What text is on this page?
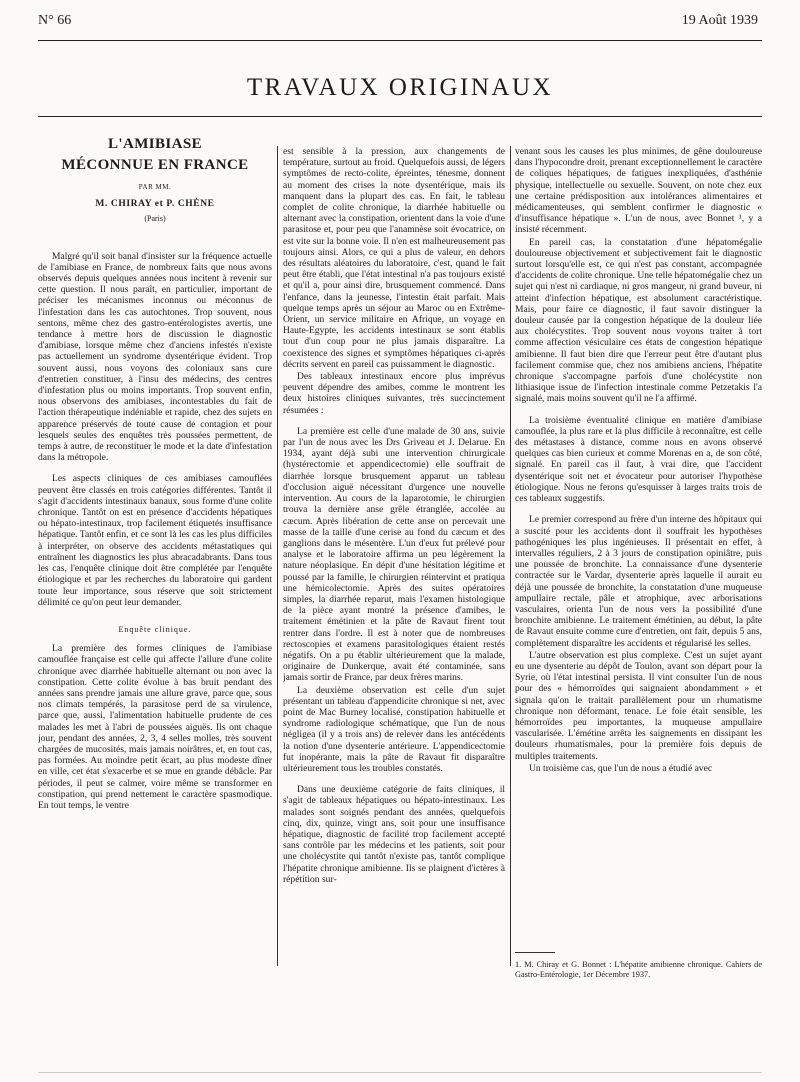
N° 66	19 Août 1939
TRAVAUX ORIGINAUX
L'AMIBIASE
MÉCONNUE EN FRANCE
PAR MM.
M. CHIRAY et P. CHÈNE
(Paris)

Malgré qu'il soit banal d'insister sur la fréquence actuelle de l'amibiase en France, de nombreux faits que nous avons observés depuis quelques années nous incitent à revenir sur cette question. Il nous paraît, en particulier, important de préciser les mécanismes inconnus ou méconnus de l'infestation dans les cas autochtones. Trop souvent, nous sentons, même chez des gastro-entérologistes avertis, une tendance à mettre hors de discussion le diagnostic d'amibiase, lorsque même chez d'anciens infestés n'existe pas actuellement un syndrome dysentérique évident. Trop souvent aussi, nous voyons des coloniaux sans cure d'entretien constituer, à l'insu des médecins, des centres d'infestation plus ou moins importants. Trop souvent enfin, nous observons des amibiases, incontestables du fait de l'action thérapeutique indéniable et rapide, chez des sujets en apparence préservés de toute cause de contagion et pour lesquels seules des enquêtes très poussées permettent, de temps à autre, de reconstituer le mode et la date d'infestation dans la métropole.

Les aspects cliniques de ces amibiases camouflées peuvent être classés en trois catégories différentes. Tantôt il s'agit d'accidents intestinaux banaux, sous forme d'une colite chronique. Tantôt on est en présence d'accidents hépatiques ou hépato-intestinaux, trop facilement étiquetés insuffisance hépatique. Tantôt enfin, et ce sont là les cas les plus difficiles à interpréter, on observe des accidents métastatiques qui entraînent les diagnostics les plus abracadabrants. Dans tous les cas, l'enquête clinique doit être complétée par l'enquête étiologique et par les recherches du laboratoire qui gardent toute leur importance, sous réserve que soit strictement délimité ce qu'on peut leur demander.

Enquête clinique.

La première des formes cliniques de l'amibiase camouflée française est celle qui affecte l'allure d'une colite chronique avec diarrhée habituelle alternant ou non avec la constipation. Cette colite évolue à bas bruit pendant des années sans prendre jamais une allure grave, parce que, sous nos climats tempérés, la parasitose perd de sa virulence, parce que, aussi, l'alimentation habituelle prudente de ces malades les met à l'abri de poussées aiguës. Ils ont chaque jour, pendant des années, 2, 3, 4 selles molles, très souvent chargées de mucosités, mais jamais noirâtres, et, en tout cas, pas formées. Au moindre petit écart, au plus modeste dîner en ville, cet état s'exacerbe et se mue en grande débâcle. Par périodes, il peut se calmer, voire même se transformer en constipation, qui prend nettement le caractère spasmodique. En tout temps, le ventre

est sensible à la pression, aux changements de température, surtout au froid. Quelquefois aussi, de légers symptômes de recto-colite, épreintes, ténesme, donnent au moment des crises la note dysentérique, mais ils manquent dans la plupart des cas. En fait, le tableau complet de colite chronique, la diarrhée habituelle ou alternant avec la constipation, orientent dans la voie d'une parasitose et, pour peu que l'anamnèse soit évocatrice, on est vite sur la bonne voie. Il n'en est malheureusement pas toujours ainsi. Alors, ce qui a plus de valeur, en dehors des résultats aléatoires du laboratoire, c'est, quand le fait peut être établi, que l'état intestinal n'a pas toujours existé et qu'il a, pour ainsi dire, brusquement commencé. Dans l'enfance, dans la jeunesse, l'intestin était parfait. Mais quelque temps après un séjour au Maroc ou en Extrême-Orient, un service militaire en Afrique, un voyage en Haute-Egypte, les accidents intestinaux se sont établis tout d'un coup pour ne plus jamais disparaître. La coexistence des signes et symptômes hépatiques ci-après décrits servent en pareil cas puissamment le diagnostic.

Des tableaux intestinaux encore plus imprévus peuvent dépendre des amibes, comme le montrent les deux histoires cliniques suivantes, très succinctement résumées :

La première est celle d'une malade de 30 ans, suivie par l'un de nous avec les Drs Griveau et J. Delarue. En 1934, ayant déjà subi une intervention chirurgicale (hystérectomie et appendicectomie) elle souffrait de diarrhée lorsque brusquement apparut un tableau d'occlusion aiguë nécessitant d'urgence une nouvelle intervention. Au cours de la laparotomie, le chirurgien trouva la dernière anse grêle étranglée, accolée au cæcum. Après libération de cette anse on percevait une masse de la taille d'une cerise au fond du cæcum et des ganglions dans le mésentère. L'un d'eux fut prélevé pour analyse et le laboratoire affirma un peu légèrement la nature néoplasique. En dépit d'une hésitation légitime et poussé par la famille, le chirurgien réintervint et pratiqua une hémicolectomie. Après des suites opératoires simples, la diarrhée reparut, mais l'examen histologique de la pièce ayant montré la présence d'amibes, le traitement émétinien et la pâte de Ravaut firent tout rentrer dans l'ordre. Il est à noter que de nombreuses rectoscopies et examens parasitologiques étaient restés négatifs. On a pu établir ultérieurement que la malade, originaire de Dunkerque, avait été contaminée, sans jamais sortir de France, par deux frères marins.

La deuxième observation est celle d'un sujet présentant un tableau d'appendicite chronique si net, avec point de Mac Burney localisé, constipation habituelle et syndrome radiologique schématique, que l'un de nous négligea (il y a trois ans) de relever dans les antécédents la notion d'une dysenterie antérieure. L'appendicectomie fut inopérante, mais la pâte de Ravaut fit disparaître ultérieurement tous les troubles constatés.

Dans une deuxième catégorie de faits cliniques, il s'agit de tableaux hépatiques ou hépato-intestinaux. Les malades sont soignés pendant des années, quelquefois cinq, dix, quinze, vingt ans, soit pour une insuffisance hépatique, diagnostic de facilité trop facilement accepté sans contrôle par les médecins et les patients, soit pour une cholécystite qui tantôt n'existe pas, tantôt complique l'hépatite chronique amibienne. Ils se plaignent d'ictères à répétition sur-

venant sous les causes les plus minimes, de gêne douloureuse dans l'hypocondre droit, prenant exceptionnellement le caractère de coliques hépatiques, de fatigues inexpliquées, d'asthénie physique, intellectuelle ou sexuelle. Souvent, on note chez eux une certaine prédisposition aux intolérances alimentaires et médicamenteuses, qui semblent confirmer le diagnostic « d'insuffisance hépatique ». L'un de nous, avec Bonnet ¹, y a insisté récemment.

En pareil cas, la constatation d'une hépatomégalie douloureuse objectivement et subjectivement fait le diagnostic surtout lorsqu'elle est, ce qui n'est pas constant, accompagnée d'accidents de colite chronique. Une telle hépatomégalie chez un sujet qui n'est ni cardiaque, ni gros mangeur, ni grand buveur, ni atteint d'infection hépatique, est absolument caractéristique. Mais, pour faire ce diagnostic, il faut savoir distinguer la douleur causée par la congestion hépatique de la douleur liée aux cholécystites. Trop souvent nous voyons traiter à tort comme affection vésiculaire ces états de congestion hépatique amibienne. Il faut bien dire que l'erreur peut être d'autant plus facilement commise que, chez nos amibiens anciens, l'hépatite chronique s'accompagne parfois d'une cholécystite non lithiasique issue de l'infection intestinale comme Petzetakis l'a signalé, mais moins souvent qu'il ne l'a affirmé.

La troisième éventualité clinique en matière d'amibiase camouflée, la plus rare et la plus difficile à reconnaître, est celle des métastases à distance, comme nous en avons observé quelques cas bien curieux et comme Morenas en a, de son côté, signalé. En pareil cas il faut, à vrai dire, que l'accident dysentérique soit net et évocateur pour autoriser l'hypothèse étiologique. Nous ne ferons qu'esquisser à larges traits trois de ces tableaux suggestifs.

Le premier correspond au frère d'un interne des hôpitaux qui a suscité pour les accidents dont il souffrait les hypothèses pathogéniques les plus ingénieuses. Il présentait en effet, à intervalles réguliers, 2 à 3 jours de constipation opiniâtre, puis une poussée de bronchite. La connaissance d'une dysenterie contractée sur le Vardar, dysenterie après laquelle il aurait eu déjà une poussée de bronchite, la constatation d'une muqueuse ampullaire rectale, pâle et atrophique, avec arborisations vasculaires, orienta l'un de nous vers la possibilité d'une bronchite amibienne. Le traitement émétinien, au début, la pâte de Ravaut ensuite comme cure d'entretien, ont fait, depuis 5 ans, complètement disparaître les accidents et régularisé les selles.

L'autre observation est plus complexe. C'est un sujet ayant eu une dysenterie au dépôt de Toulon, avant son départ pour la Syrie, où l'état intestinal persista. Il vint consulter l'un de nous pour des « hémorroïdes qui saignaient abondamment » et signala qu'on le traitait parallèlement pour un rhumatisme chronique non déformant, tenace. Le foie était sensible, les hémorroïdes peu importantes, la muqueuse ampullaire vascularisée. L'émétine arrêta les saignements en dissipant les douleurs rhumatismales, pour la première fois depuis de multiples traitements.

Un troisième cas, que l'un de nous a étudié avec

1. M. Chiray et G. Bonnet : L'hépatite amibienne chronique. Cahiers de Gastro-Entérologie, 1er Décembre 1937.
